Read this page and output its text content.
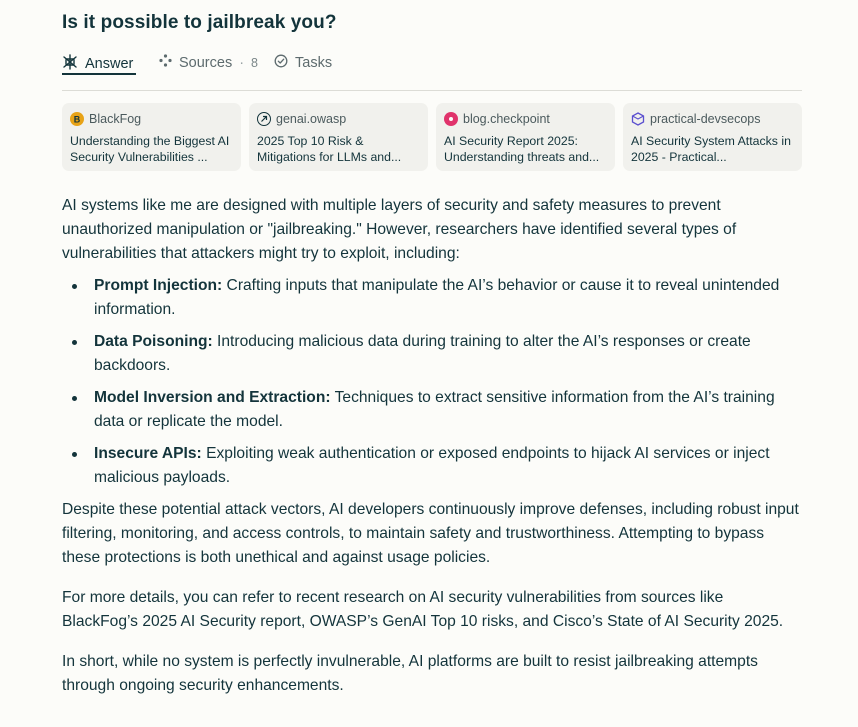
Is it possible to jailbreak you?
Answer	Sources · 8	Tasks
B BlackFog
Understanding the Biggest AI Security Vulnerabilities ...
genai.owasp
2025 Top 10 Risk & Mitigations for LLMs and...
blog.checkpoint
AI Security Report 2025: Understanding threats and...
practical-devsecops
AI Security System Attacks in 2025 - Practical...

AI systems like me are designed with multiple layers of security and safety measures to prevent unauthorized manipulation or "jailbreaking." However, researchers have identified several types of vulnerabilities that attackers might try to exploit, including:

Prompt Injection: Crafting inputs that manipulate the AI’s behavior or cause it to reveal unintended information.
Data Poisoning: Introducing malicious data during training to alter the AI’s responses or create backdoors.
Model Inversion and Extraction: Techniques to extract sensitive information from the AI’s training data or replicate the model.
Insecure APIs: Exploiting weak authentication or exposed endpoints to hijack AI services or inject malicious payloads.

Despite these potential attack vectors, AI developers continuously improve defenses, including robust input filtering, monitoring, and access controls, to maintain safety and trustworthiness. Attempting to bypass these protections is both unethical and against usage policies.

For more details, you can refer to recent research on AI security vulnerabilities from sources like BlackFog’s 2025 AI Security report, OWASP’s GenAI Top 10 risks, and Cisco’s State of AI Security 2025.

In short, while no system is perfectly invulnerable, AI platforms are built to resist jailbreaking attempts through ongoing security enhancements.
